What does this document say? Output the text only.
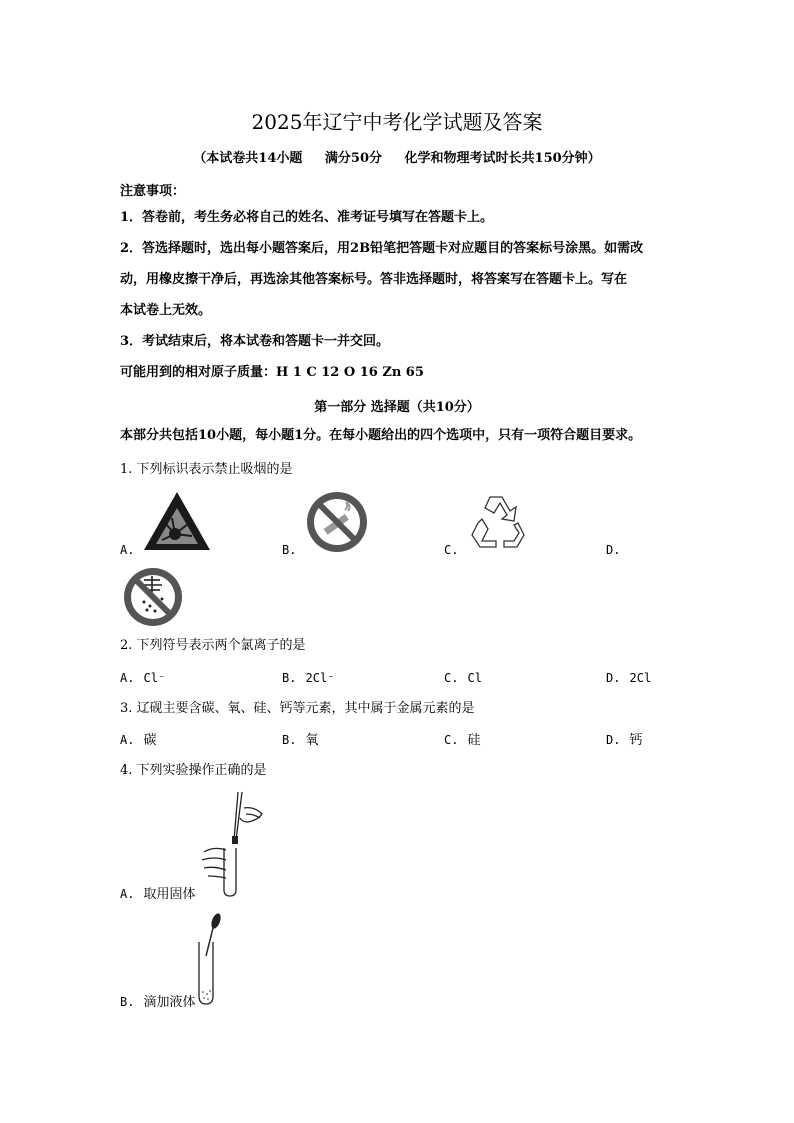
2025年辽宁中考化学试题及答案
（本试卷共14小题 满分50分 化学和物理考试时长共150分钟）
注意事项：
1．答卷前，考生务必将自己的姓名、准考证号填写在答题卡上。
2．答选择题时，选出每小题答案后，用2B铅笔把答题卡对应题目的答案标号涂黑。如需改
动，用橡皮擦干净后，再选涂其他答案标号。答非选择题时，将答案写在答题卡上。写在
本试卷上无效。
3．考试结束后，将本试卷和答题卡一并交回。
可能用到的相对原子质量：H 1 C 12 O 16 Zn 65
第一部分 选择题（共10分）
本部分共包括10小题，每小题1分。在每小题给出的四个选项中，只有一项符合题目要求。
1. 下列标识表示禁止吸烟的是
A.	B.	C.	D.
2. 下列符号表示两个氯离子的是
A. Cl⁻	B. 2Cl⁻	C. Cl	D. 2Cl
3. 辽砚主要含碳、氧、硅、钙等元素，其中属于金属元素的是
A. 碳	B. 氧	C. 硅	D. 钙
4. 下列实验操作正确的是
A. 取用固体
B. 滴加液体
